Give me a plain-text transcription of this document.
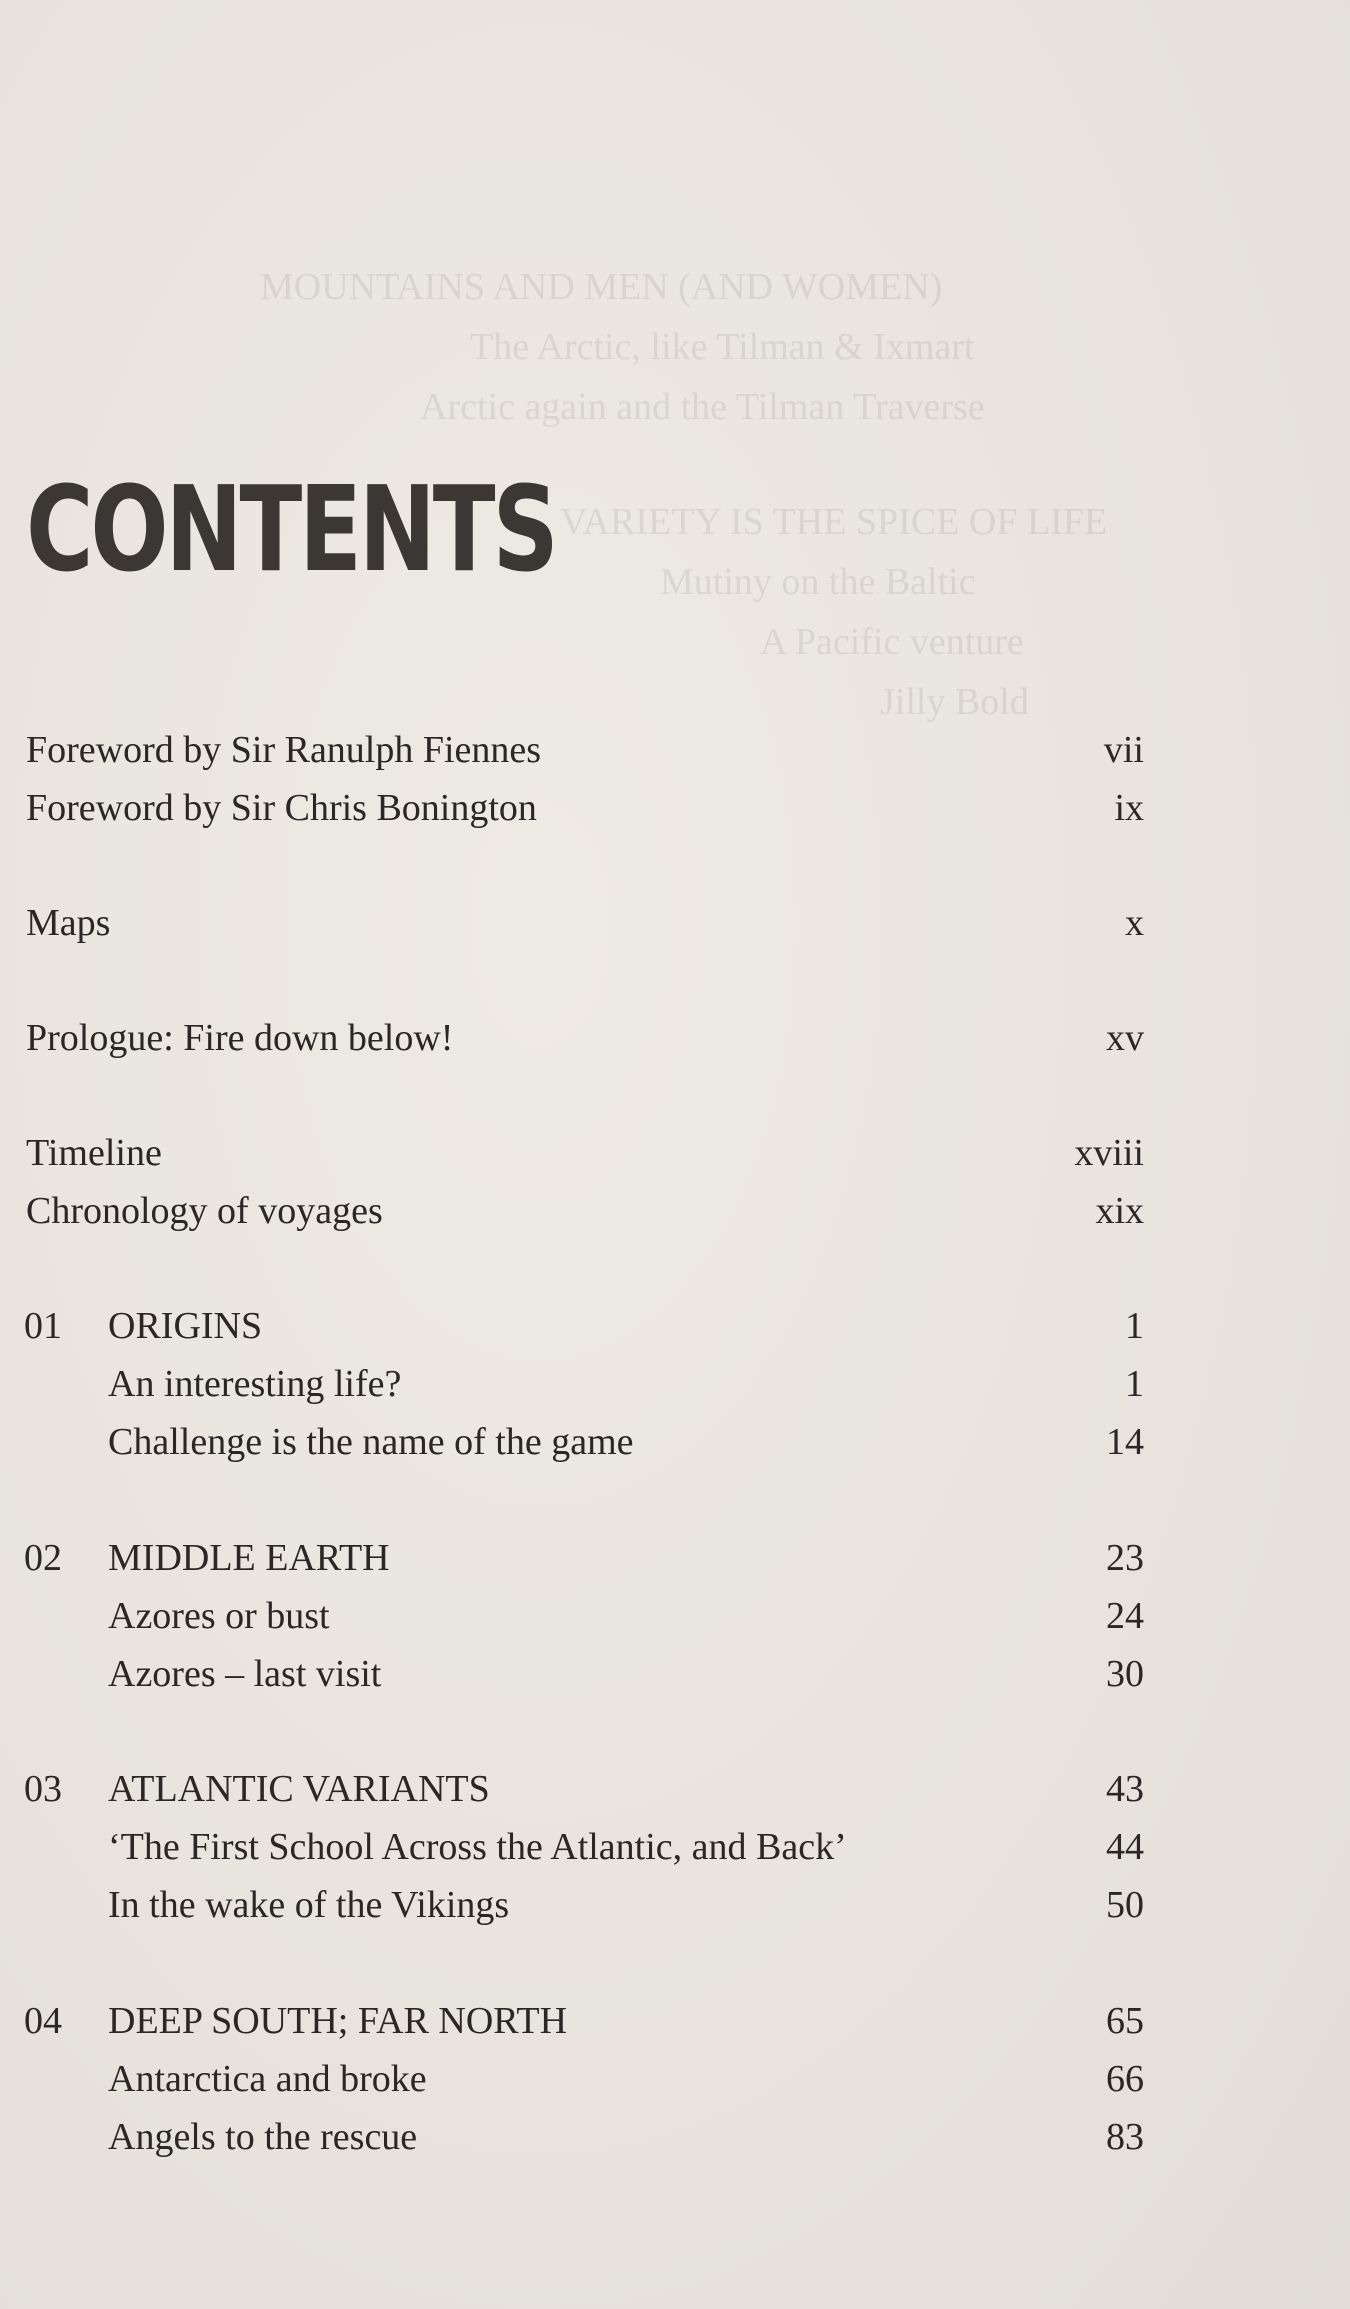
MOUNTAINS AND MEN (AND WOMEN)
The Arctic, like Tilman & Ixmart
Arctic again and the Tilman Traverse
VARIETY IS THE SPICE OF LIFE
Mutiny on the Baltic
A Pacific venture
Jilly Bold
CONTENTS
Foreword by Sir Ranulph Fiennes	vii
Foreword by Sir Chris Bonington	ix
Maps	x
Prologue: Fire down below!	xv
Timeline	xviii
Chronology of voyages	xix
01 ORIGINS	1
An interesting life?	1
Challenge is the name of the game	14
02 MIDDLE EARTH	23
Azores or bust	24
Azores – last visit	30
03 ATLANTIC VARIANTS	43
‘The First School Across the Atlantic, and Back’	44
In the wake of the Vikings	50
04 DEEP SOUTH; FAR NORTH	65
Antarctica and broke	66
Angels to the rescue	83
